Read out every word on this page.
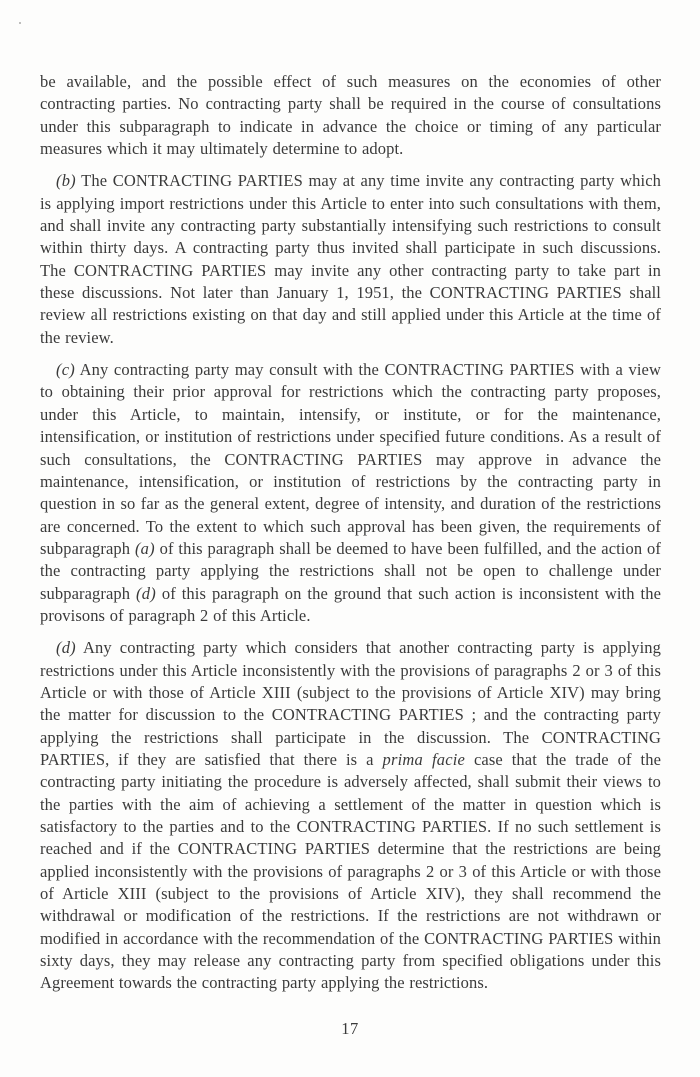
be available, and the possible effect of such measures on the economies of other contracting parties. No contracting party shall be required in the course of consultations under this subparagraph to indicate in advance the choice or timing of any particular measures which it may ultimately determine to adopt.

(b) The CONTRACTING PARTIES may at any time invite any contracting party which is applying import restrictions under this Article to enter into such consultations with them, and shall invite any contracting party substantially intensifying such restrictions to consult within thirty days. A contracting party thus invited shall participate in such discussions. The CONTRACTING PARTIES may invite any other contracting party to take part in these discussions. Not later than January 1, 1951, the CONTRACTING PARTIES shall review all restrictions existing on that day and still applied under this Article at the time of the review.

(c) Any contracting party may consult with the CONTRACTING PARTIES with a view to obtaining their prior approval for restrictions which the contracting party proposes, under this Article, to maintain, intensify, or institute, or for the maintenance, intensification, or institution of restrictions under specified future conditions. As a result of such consultations, the CONTRACTING PARTIES may approve in advance the maintenance, intensification, or institution of restrictions by the contracting party in question in so far as the general extent, degree of intensity, and duration of the restrictions are concerned. To the extent to which such approval has been given, the requirements of subparagraph (a) of this paragraph shall be deemed to have been fulfilled, and the action of the contracting party applying the restrictions shall not be open to challenge under subparagraph (d) of this paragraph on the ground that such action is inconsistent with the provisons of paragraph 2 of this Article.

(d) Any contracting party which considers that another contracting party is applying restrictions under this Article inconsistently with the provisions of paragraphs 2 or 3 of this Article or with those of Article XIII (subject to the provisions of Article XIV) may bring the matter for discussion to the CONTRACTING PARTIES ; and the contracting party applying the restrictions shall participate in the discussion. The CONTRACTING PARTIES, if they are satisfied that there is a prima facie case that the trade of the contracting party initiating the procedure is adversely affected, shall submit their views to the parties with the aim of achieving a settlement of the matter in question which is satisfactory to the parties and to the CONTRACTING PARTIES. If no such settlement is reached and if the CONTRACTING PARTIES determine that the restrictions are being applied inconsistently with the provisions of paragraphs 2 or 3 of this Article or with those of Article XIII (subject to the provisions of Article XIV), they shall recommend the withdrawal or modification of the restrictions. If the restrictions are not withdrawn or modified in accordance with the recommendation of the CONTRACTING PARTIES within sixty days, they may release any contracting party from specified obligations under this Agreement towards the contracting party applying the restrictions.

17
